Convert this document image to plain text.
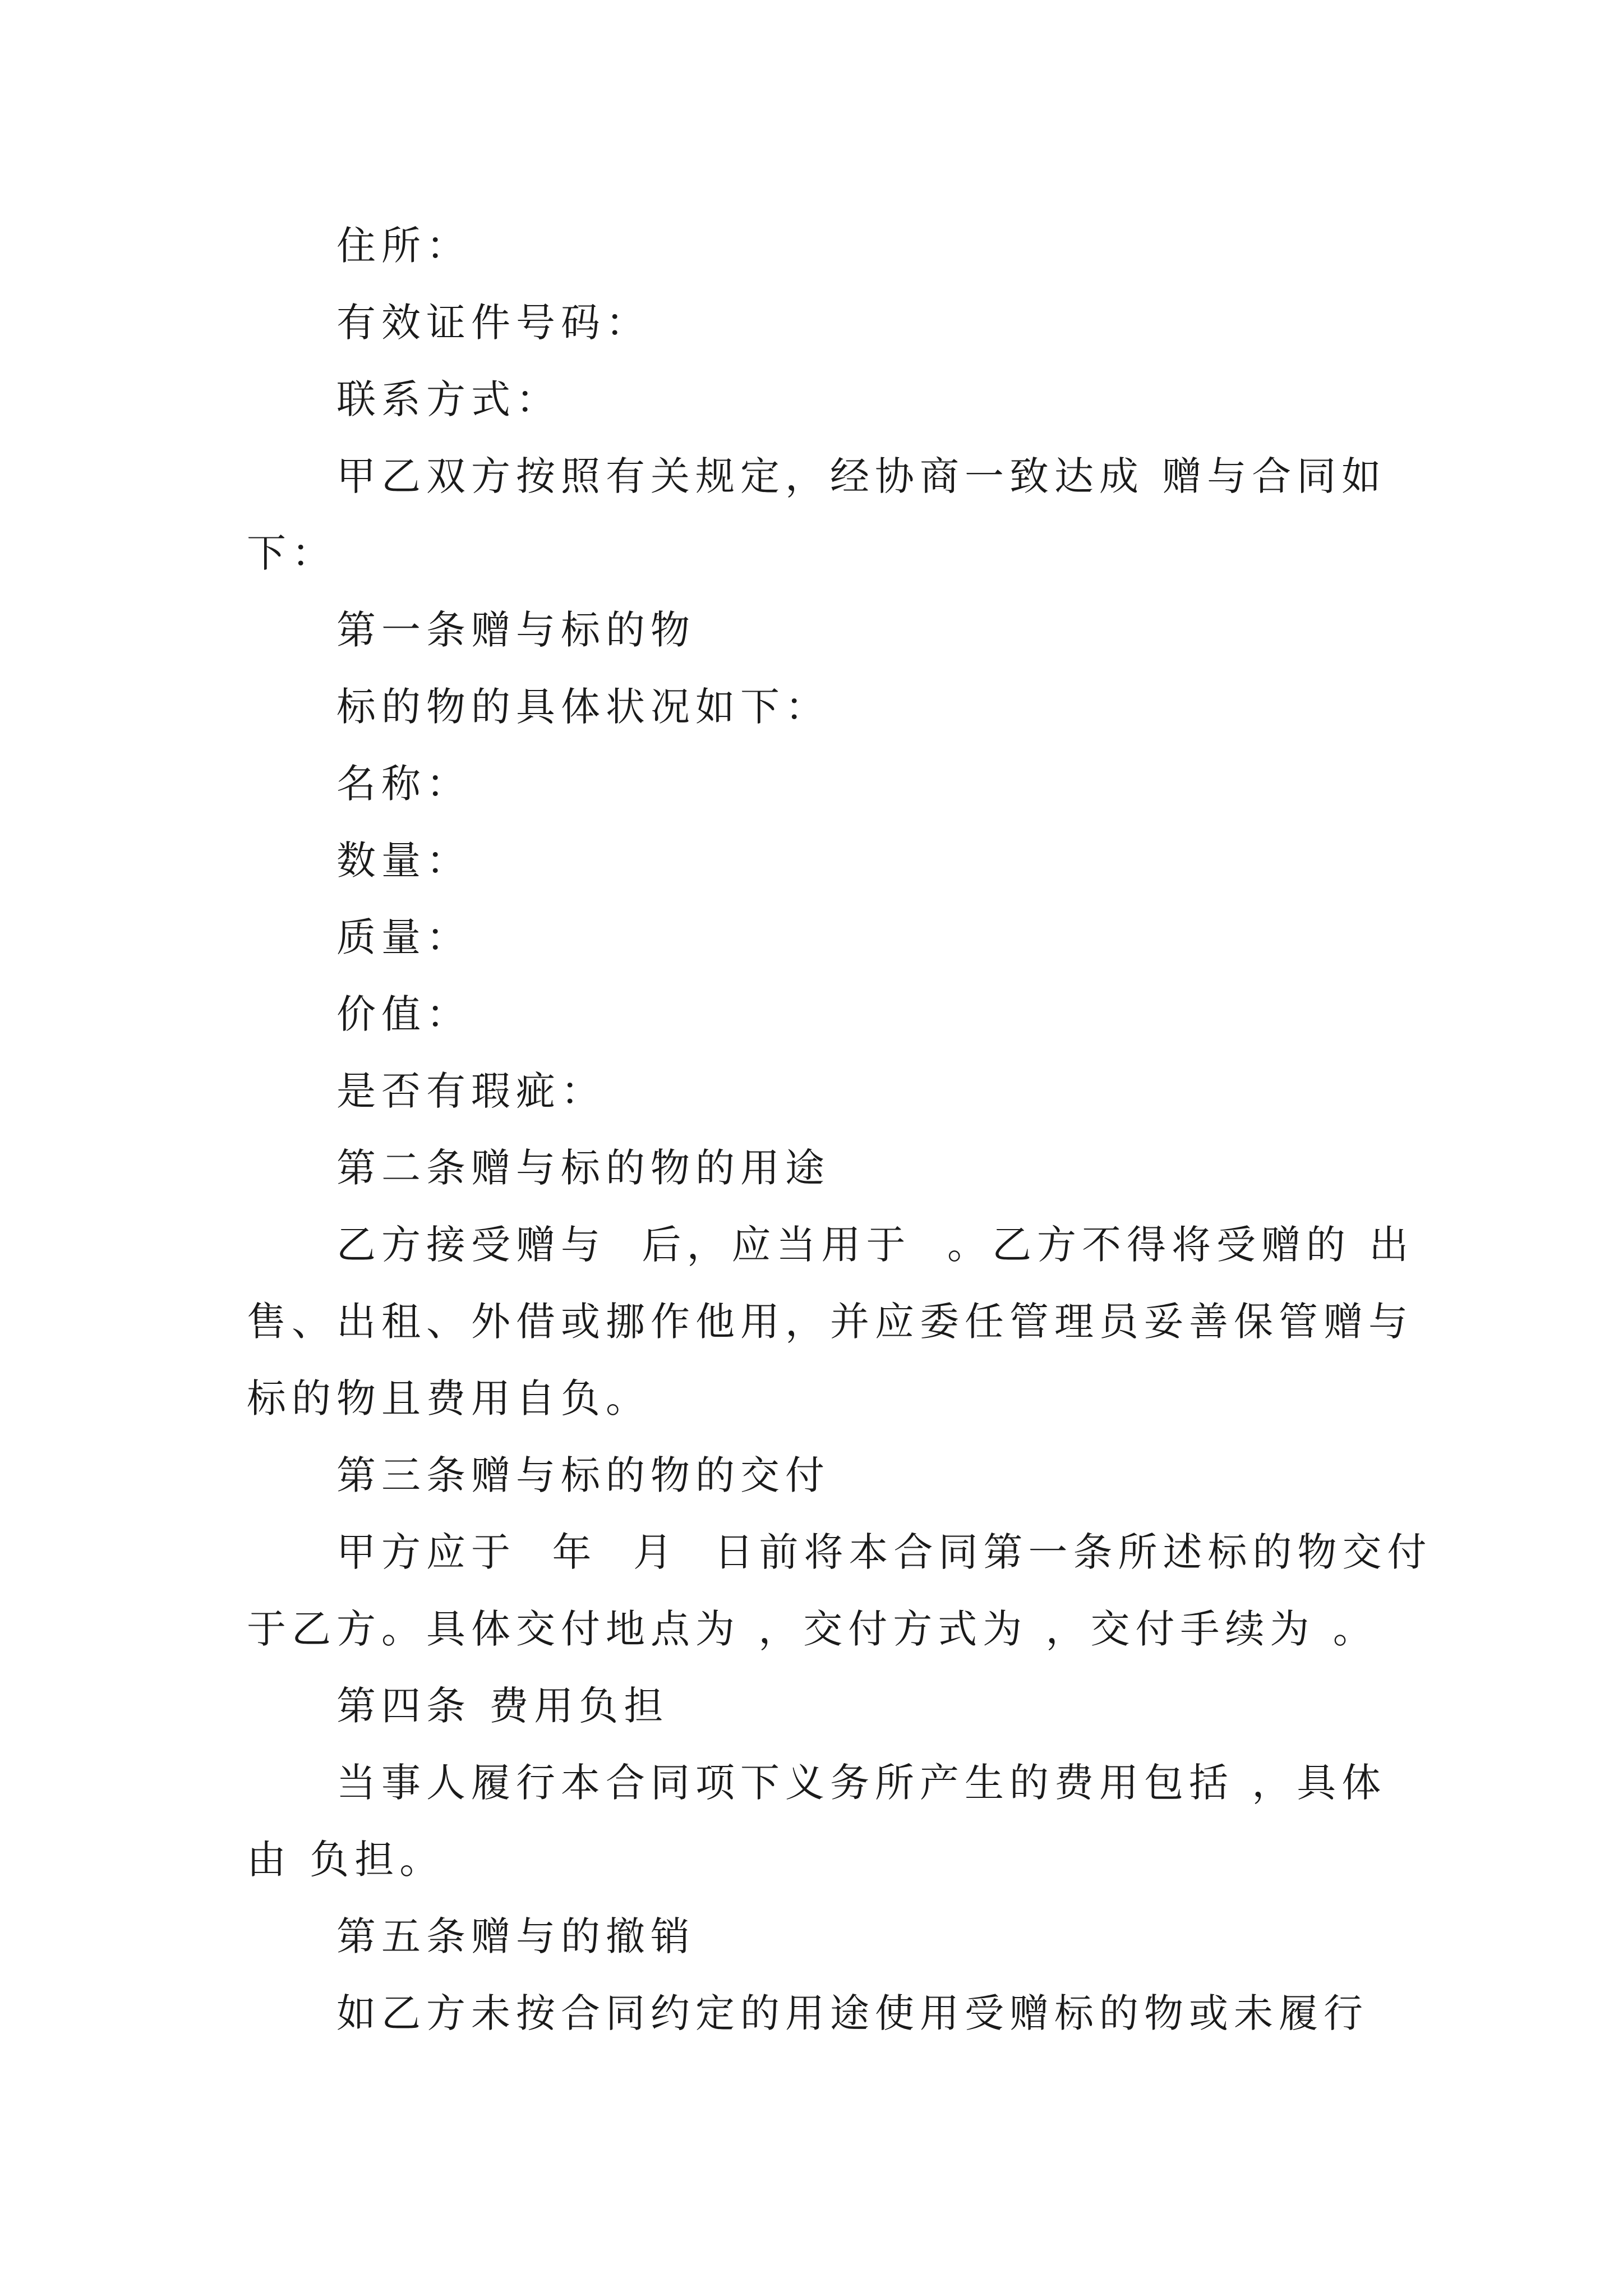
住所：
有效证件号码：
联系方式：
甲乙双方按照有关规定，经协商一致达成 赠与合同如
下：
第一条赠与标的物
标的物的具体状况如下：
名称：
数量：
质量：
价值：
是否有瑕疵：
第二条赠与标的物的用途
乙方接受赠与  后，应当用于  。乙方不得将受赠的 出
售、出租、外借或挪作他用，并应委任管理员妥善保管赠与
标的物且费用自负。
第三条赠与标的物的交付
甲方应于  年  月  日前将本合同第一条所述标的物交付
于乙方。具体交付地点为 ，交付方式为 ，交付手续为 。
第四条 费用负担
当事人履行本合同项下义务所产生的费用包括 ，具体
由 负担。
第五条赠与的撤销
如乙方未按合同约定的用途使用受赠标的物或未履行
